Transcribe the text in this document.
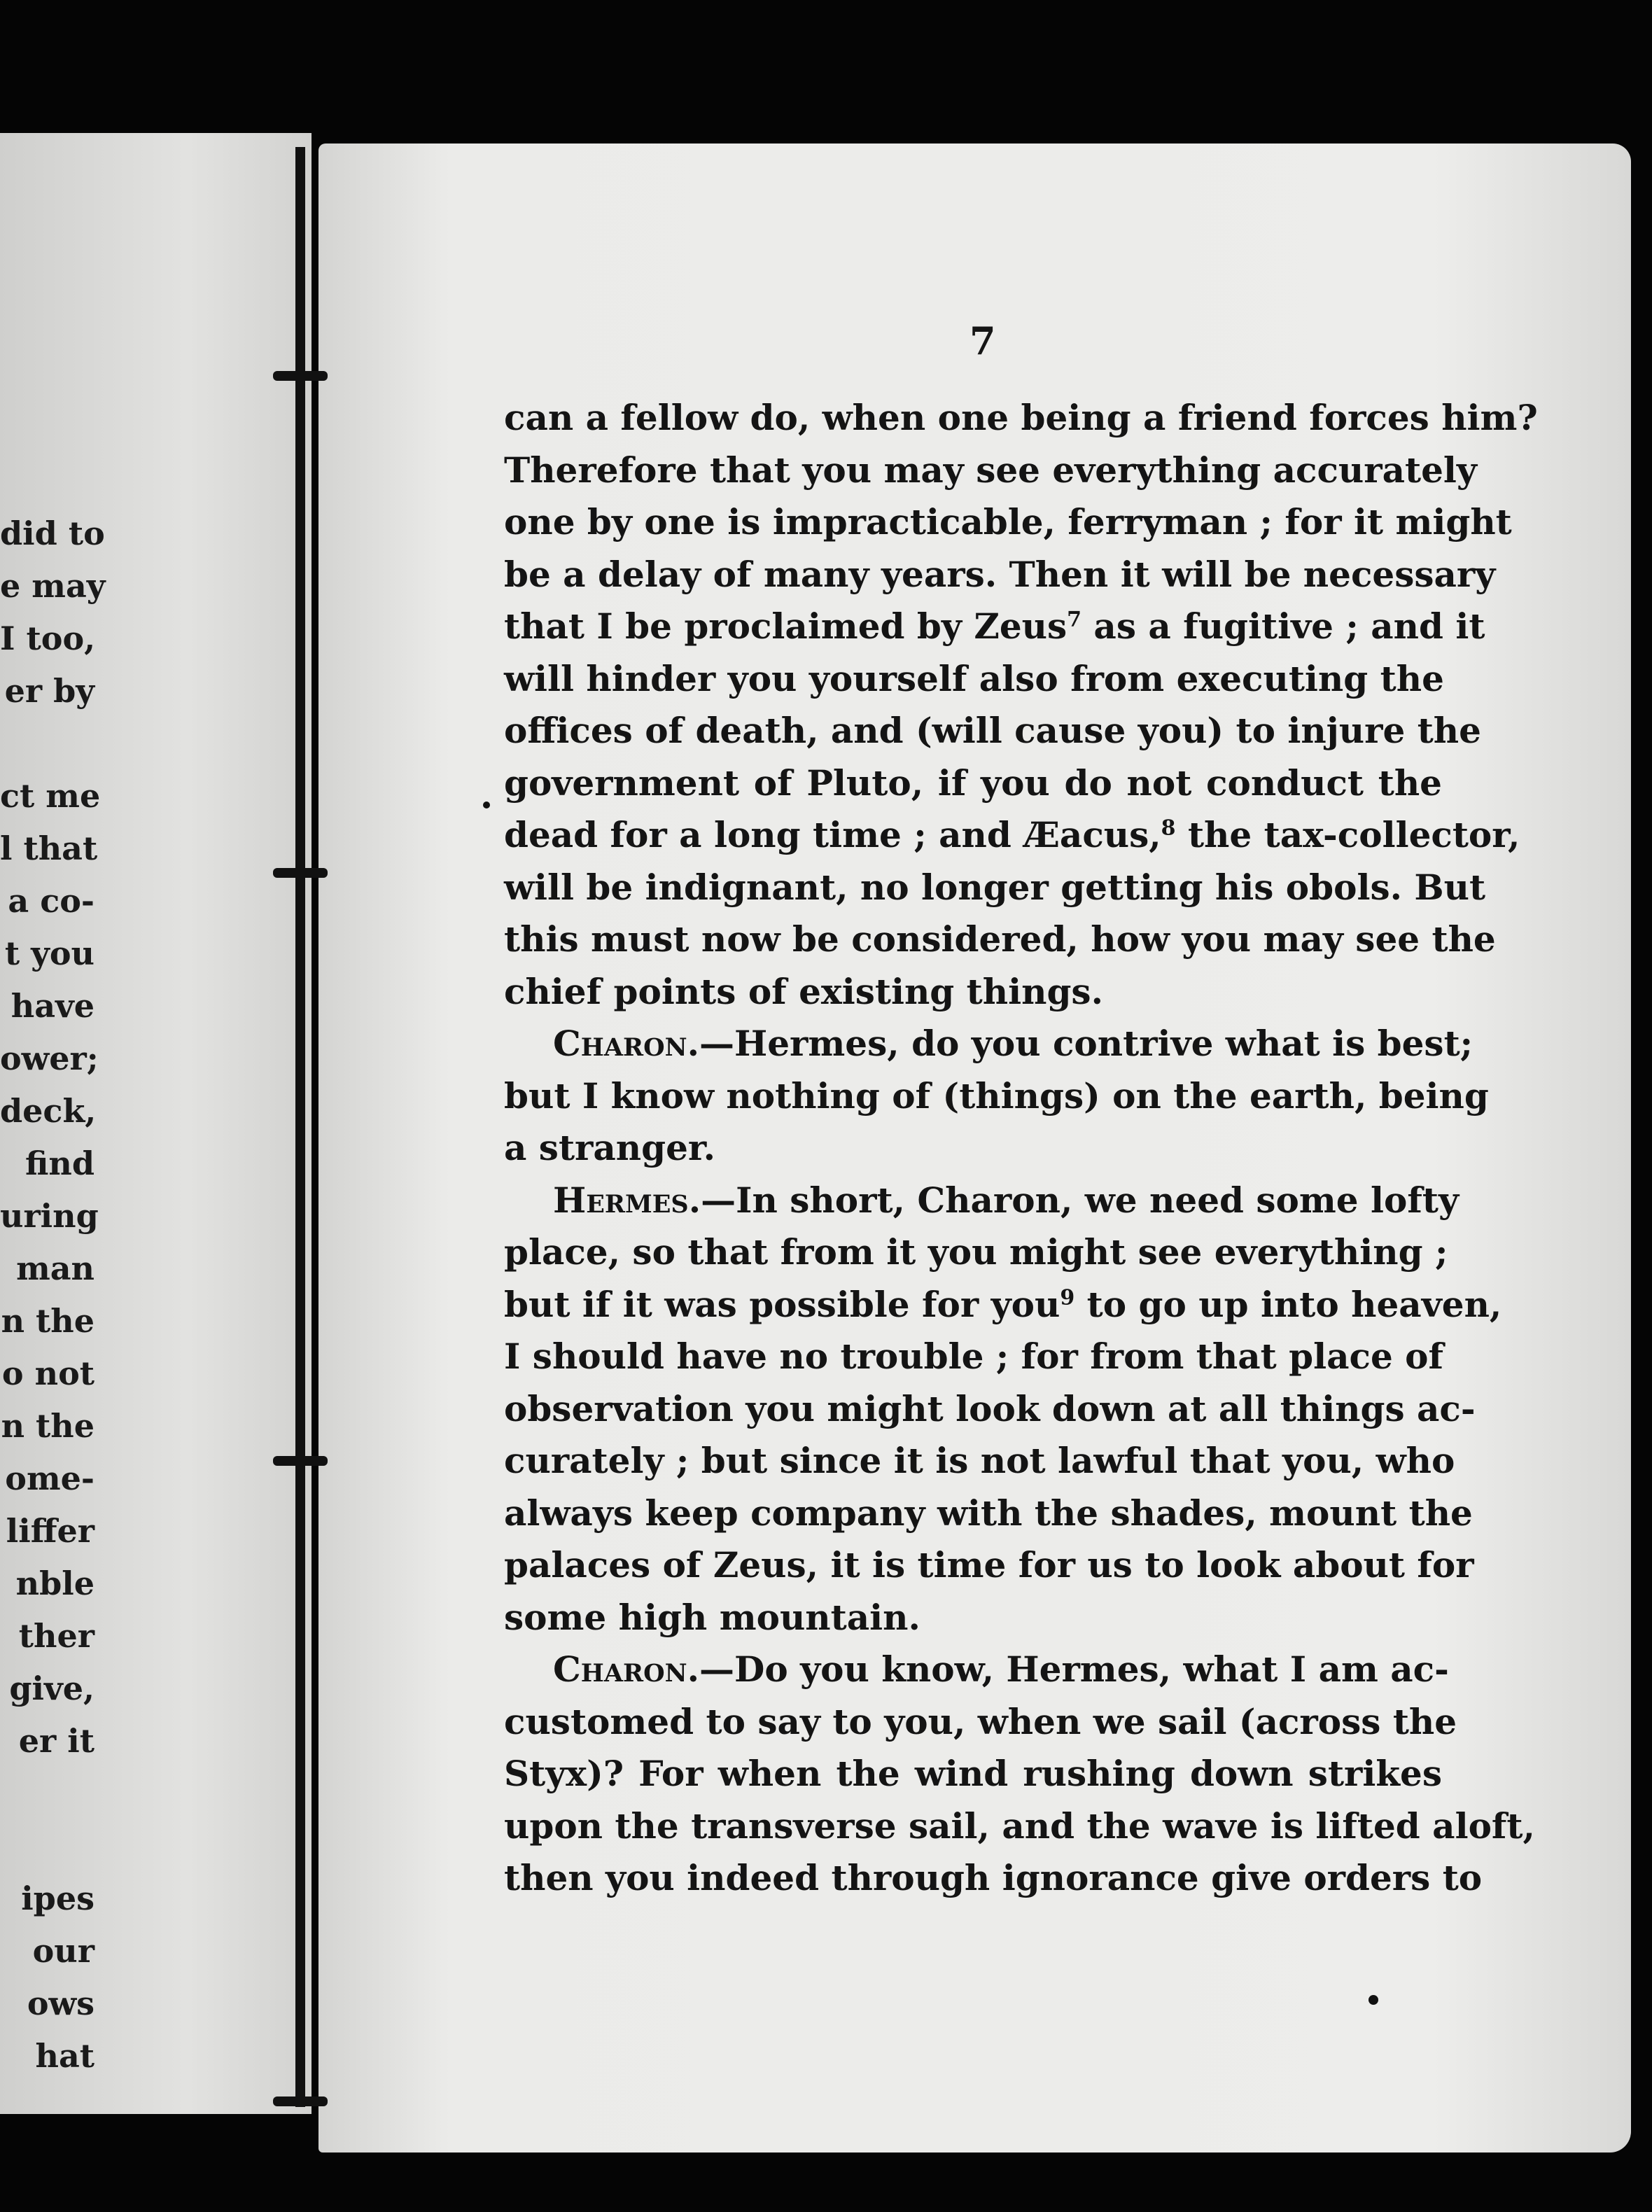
did to
e may
I too,
er by
ct me
l that
a co-
t you
have
ower;
deck,
find
uring
man
n the
o not
n the
ome-
liffer
nble
ther
give,
er it
ipes
our
ows
hat
7
can a fellow do, when one being a friend forces him?
Therefore that you may see everything accurately
one by one is impracticable, ferryman ; for it might
be a delay of many years. Then it will be necessary
that I be proclaimed by Zeus$^7$ as a fugitive ; and it
will hinder you yourself also from executing the
offices of death, and (will cause you) to injure the
government of Pluto, if you do not conduct the
dead for a long time ; and Æacus,$^8$ the tax-collector,
will be indignant, no longer getting his obols. But
this must now be considered, how you may see the
chief points of existing things.
Charon.—Hermes, do you contrive what is best;
but I know nothing of (things) on the earth, being
a stranger.
Hermes.—In short, Charon, we need some lofty
place, so that from it you might see everything ;
but if it was possible for you$^9$ to go up into heaven,
I should have no trouble ; for from that place of
observation you might look down at all things ac-
curately ; but since it is not lawful that you, who
always keep company with the shades, mount the
palaces of Zeus, it is time for us to look about for
some high mountain.
Charon.—Do you know, Hermes, what I am ac-
customed to say to you, when we sail (across the
Styx)? For when the wind rushing down strikes
upon the transverse sail, and the wave is lifted aloft,
then you indeed through ignorance give orders to
